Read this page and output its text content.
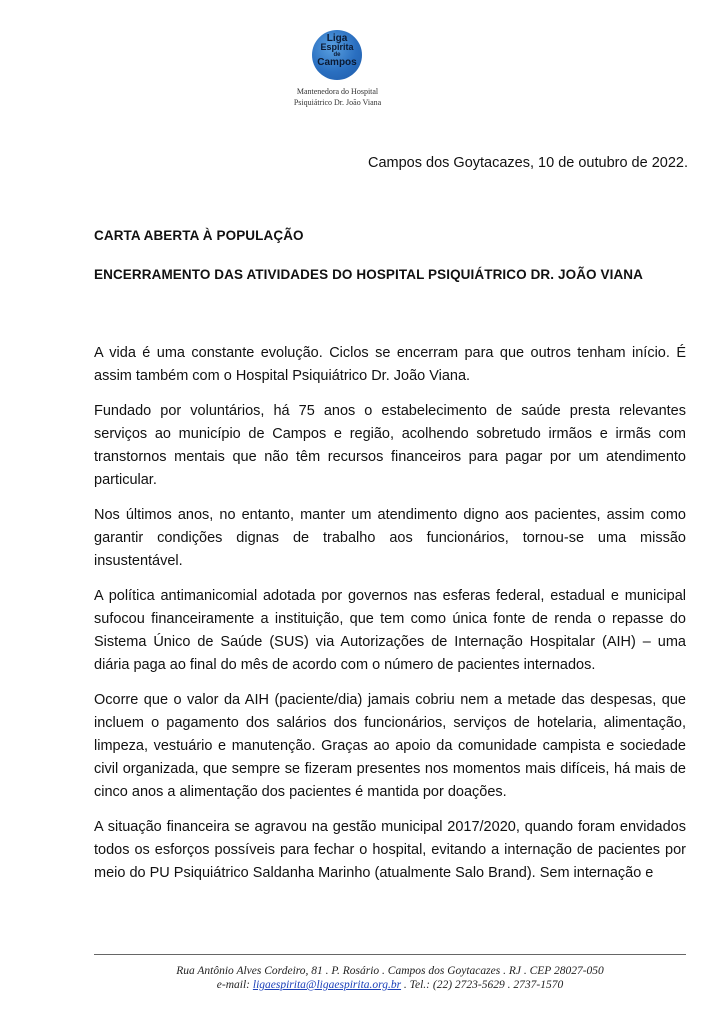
Liga
Espírita
de
Campos
Mantenedora do Hospital
Psiquiátrico Dr. João Viana
Campos dos Goytacazes, 10 de outubro de 2022.
CARTA ABERTA À POPULAÇÃO
ENCERRAMENTO DAS ATIVIDADES DO HOSPITAL PSIQUIÁTRICO DR. JOÃO VIANA

A vida é uma constante evolução. Ciclos se encerram para que outros tenham início. É assim também com o Hospital Psiquiátrico Dr. João Viana.

Fundado por voluntários, há 75 anos o estabelecimento de saúde presta relevantes serviços ao município de Campos e região, acolhendo sobretudo irmãos e irmãs com transtornos mentais que não têm recursos financeiros para pagar por um atendimento particular.

Nos últimos anos, no entanto, manter um atendimento digno aos pacientes, assim como garantir condições dignas de trabalho aos funcionários, tornou-se uma missão insustentável.

A política antimanicomial adotada por governos nas esferas federal, estadual e municipal sufocou financeiramente a instituição, que tem como única fonte de renda o repasse do Sistema Único de Saúde (SUS) via Autorizações de Internação Hospitalar (AIH) – uma diária paga ao final do mês de acordo com o número de pacientes internados.

Ocorre que o valor da AIH (paciente/dia) jamais cobriu nem a metade das despesas, que incluem o pagamento dos salários dos funcionários, serviços de hotelaria, alimentação, limpeza, vestuário e manutenção. Graças ao apoio da comunidade campista e sociedade civil organizada, que sempre se fizeram presentes nos momentos mais difíceis, há mais de cinco anos a alimentação dos pacientes é mantida por doações.

A situação financeira se agravou na gestão municipal 2017/2020, quando foram envidados todos os esforços possíveis para fechar o hospital, evitando a internação de pacientes por meio do PU Psiquiátrico Saldanha Marinho (atualmente Salo Brand). Sem internação e

Rua Antônio Alves Cordeiro, 81 . P. Rosário . Campos dos Goytacazes . RJ . CEP 28027-050
e-mail: ligaespirita@ligaespirita.org.br . Tel.: (22) 2723-5629 . 2737-1570
